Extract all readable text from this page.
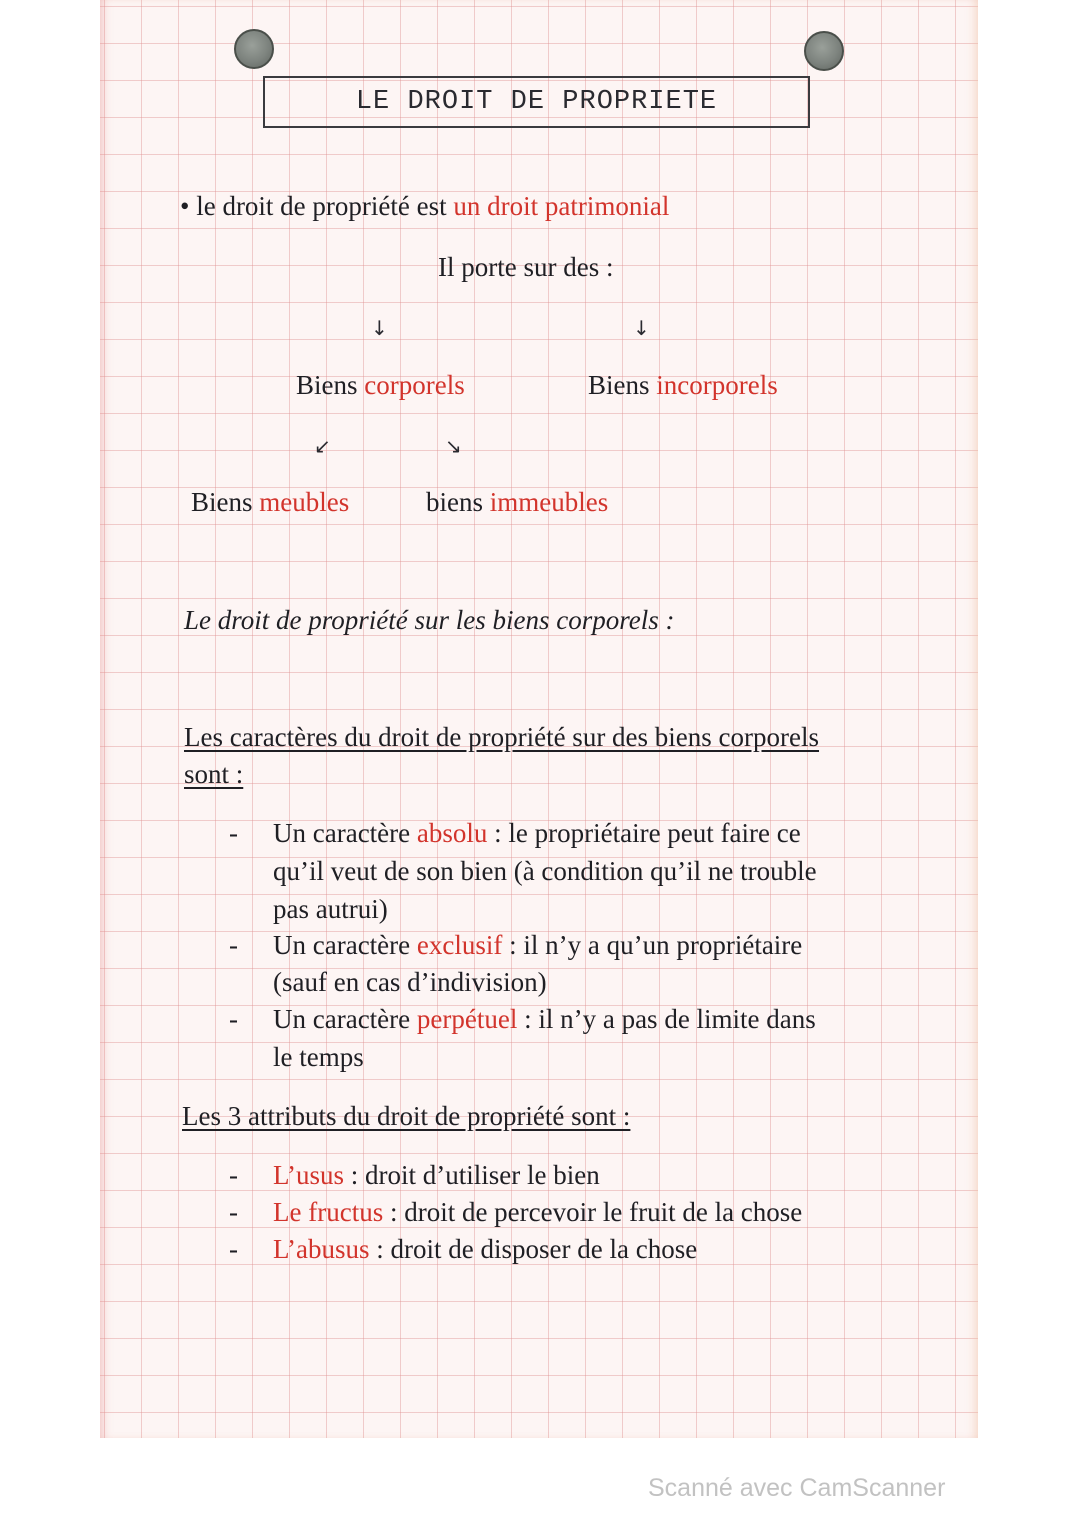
LE DROIT DE PROPRIETE
• le droit de propriété est un droit patrimonial
Il porte sur des :
↓	↓
Biens corporels	Biens incorporels
↙	↘
Biens meubles	biens immeubles
Le droit de propriété sur les biens corporels :
Les caractères du droit de propriété sur des biens corporels
sont :
- Un caractère absolu : le propriétaire peut faire ce
qu’il veut de son bien (à condition qu’il ne trouble
pas autrui)
- Un caractère exclusif : il n’y a qu’un propriétaire
(sauf en cas d’indivision)
- Un caractère perpétuel : il n’y a pas de limite dans
le temps
Les 3 attributs du droit de propriété sont :
- L’usus : droit d’utiliser le bien
- Le fructus : droit de percevoir le fruit de la chose
- L’abusus : droit de disposer de la chose
Scanné avec CamScanner
